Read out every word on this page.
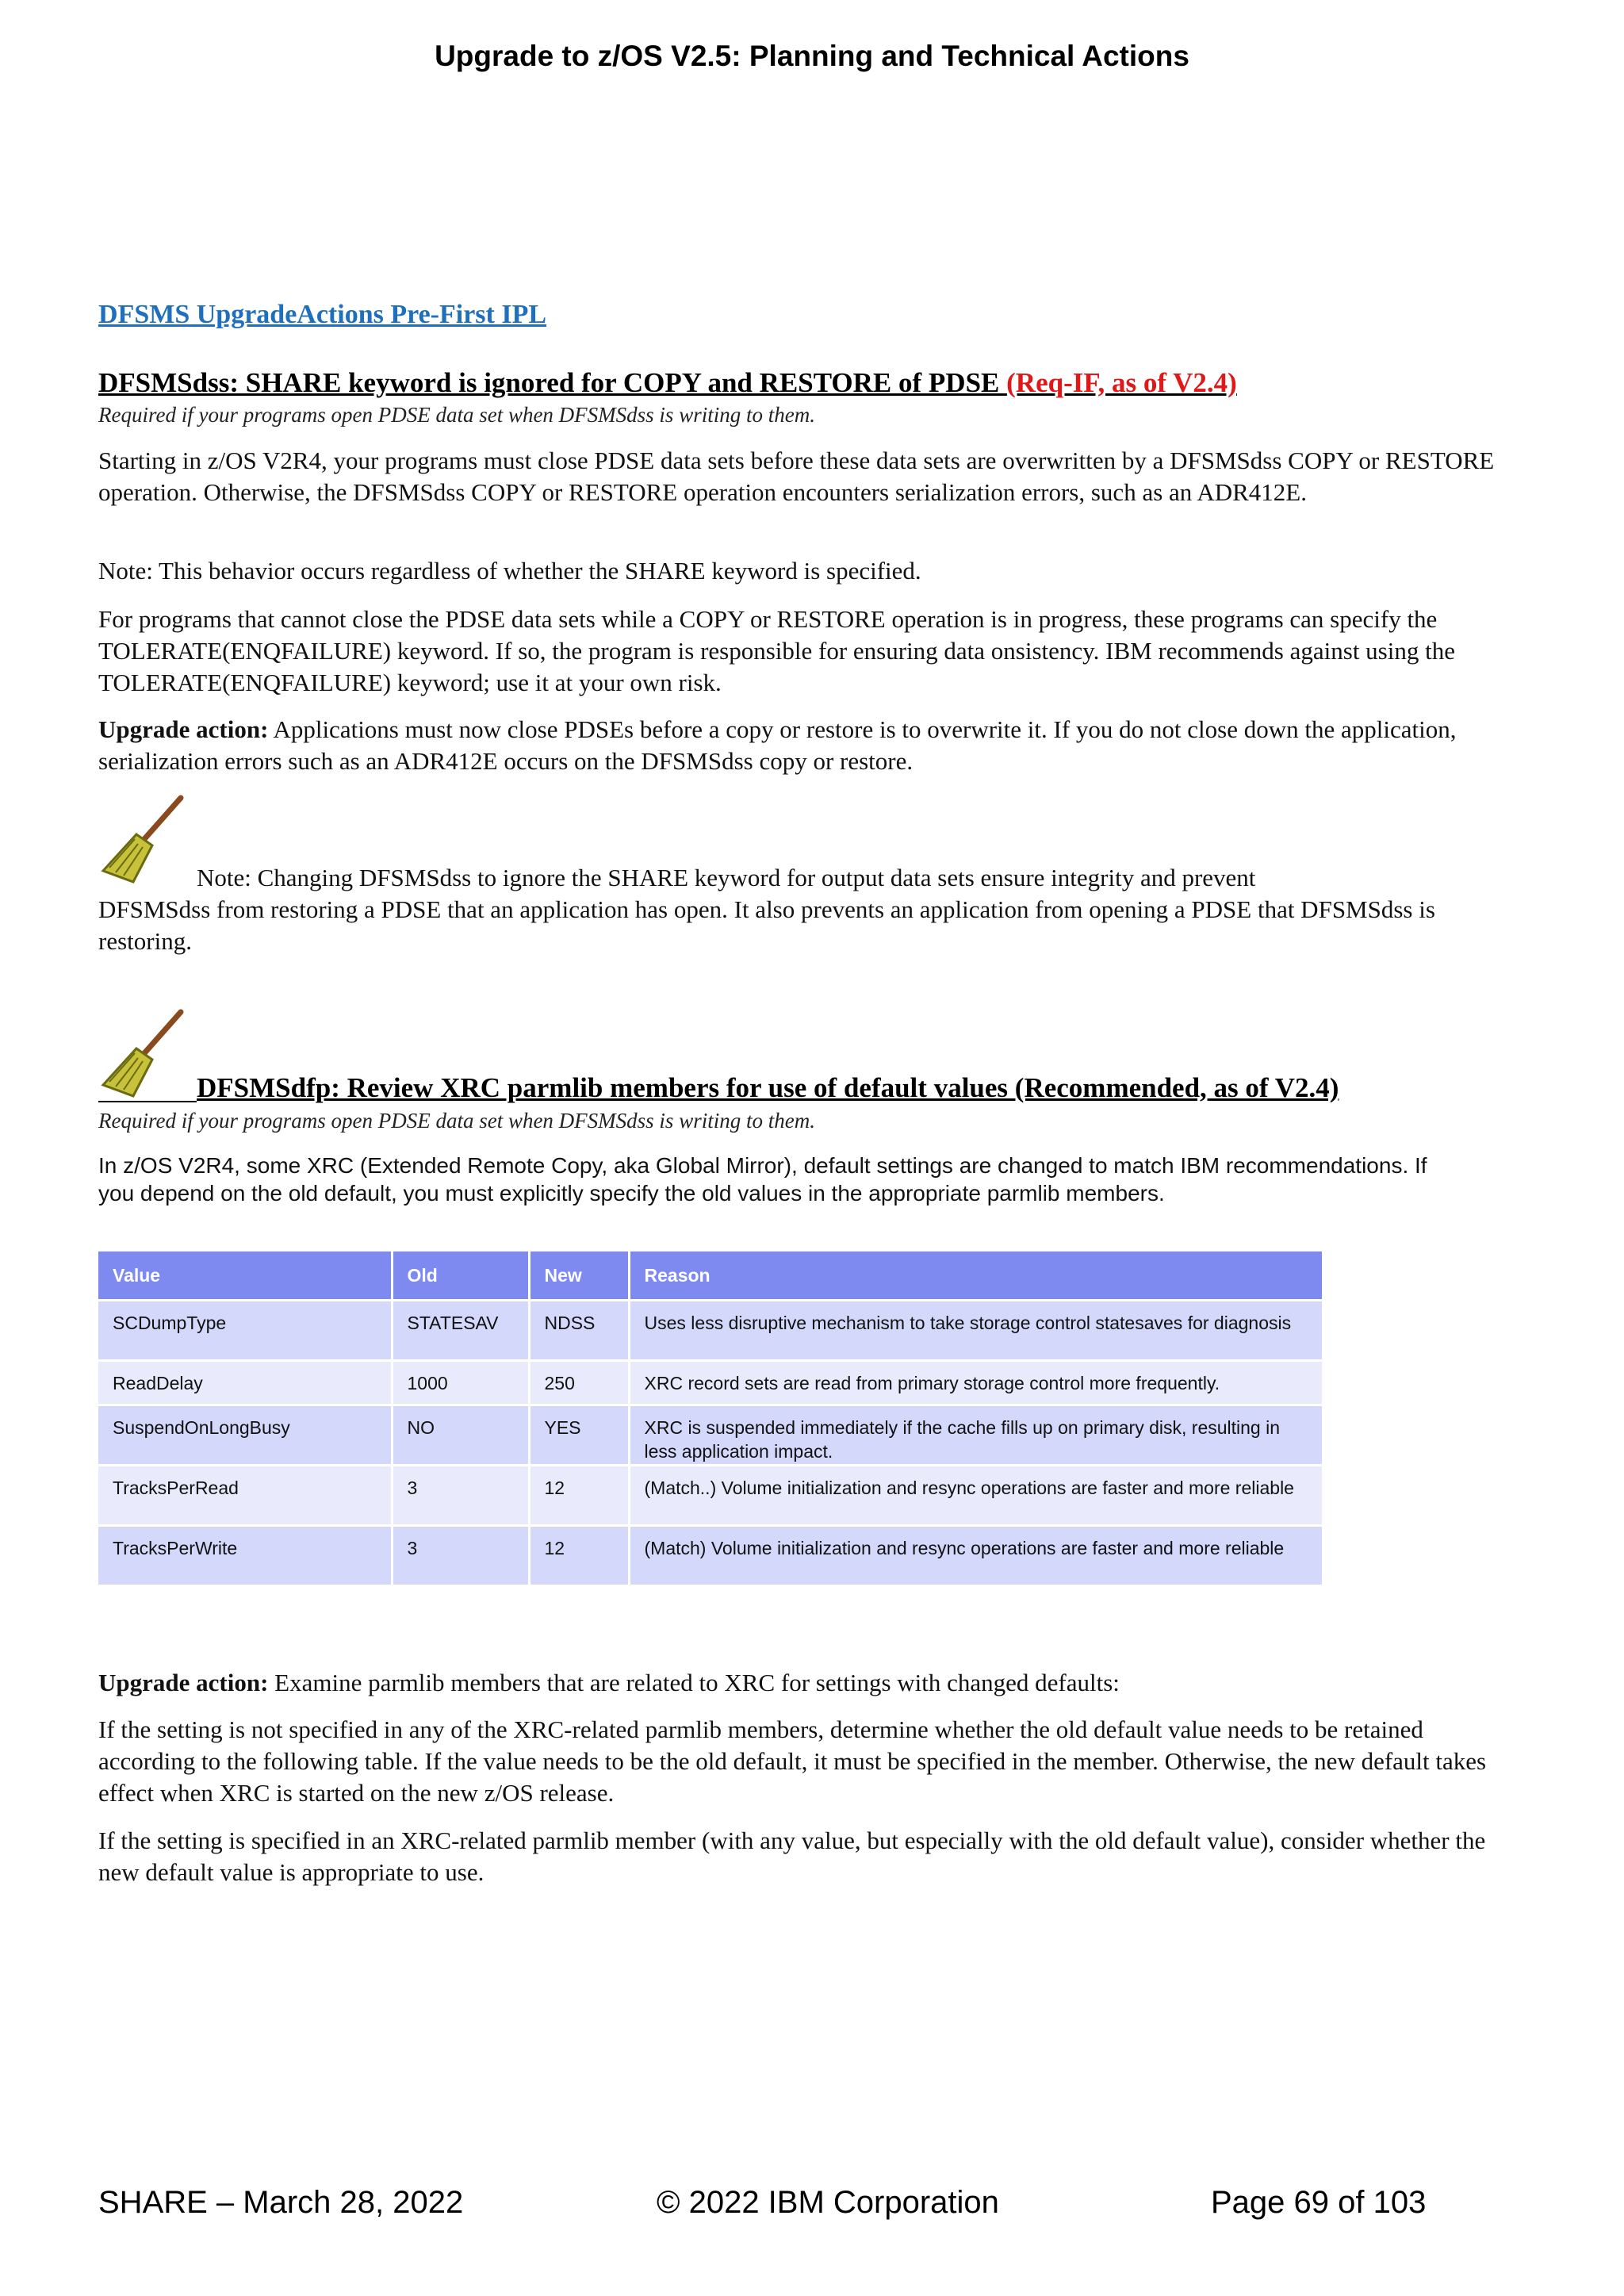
Upgrade to z/OS V2.5: Planning and Technical Actions
DFSMS UpgradeActions Pre-First IPL
DFSMSdss: SHARE keyword is ignored for COPY and RESTORE of PDSE (Req-IF, as of V2.4)
Required if your programs open PDSE data set when DFSMSdss is writing to them.
Starting in z/OS V2R4, your programs must close PDSE data sets before these data sets are overwritten by a DFSMSdss COPY or RESTORE operation. Otherwise, the DFSMSdss COPY or RESTORE operation encounters serialization errors, such as an ADR412E.
Note: This behavior occurs regardless of whether the SHARE keyword is specified.
For programs that cannot close the PDSE data sets while a COPY or RESTORE operation is in progress, these programs can specify the TOLERATE(ENQFAILURE) keyword. If so, the program is responsible for ensuring data onsistency. IBM recommends against using the TOLERATE(ENQFAILURE) keyword; use it at your own risk.
Upgrade action: Applications must now close PDSEs before a copy or restore is to overwrite it. If you do not close down the application, serialization errors such as an ADR412E occurs on the DFSMSdss copy or restore.
Note: Changing DFSMSdss to ignore the SHARE keyword for output data sets ensure integrity and prevent
DFSMSdss from restoring a PDSE that an application has open. It also prevents an application from opening a PDSE that DFSMSdss is restoring.
DFSMSdfp: Review XRC parmlib members for use of default values (Recommended, as of V2.4)
Required if your programs open PDSE data set when DFSMSdss is writing to them.
In z/OS V2R4, some XRC (Extended Remote Copy, aka Global Mirror), default settings are changed to match IBM recommendations. If you depend on the old default, you must explicitly specify the old values in the appropriate parmlib members.
Value	Old	New	Reason
SCDumpType	STATESAV	NDSS	Uses less disruptive mechanism to take storage control statesaves for diagnosis
ReadDelay	1000	250	XRC record sets are read from primary storage control more frequently.
SuspendOnLongBusy	NO	YES	XRC is suspended immediately if the cache fills up on primary disk, resulting in less application impact.
TracksPerRead	3	12	(Match..) Volume initialization and resync operations are faster and more reliable
TracksPerWrite	3	12	(Match) Volume initialization and resync operations are faster and more reliable
Upgrade action: Examine parmlib members that are related to XRC for settings with changed defaults:
If the setting is not specified in any of the XRC-related parmlib members, determine whether the old default value needs to be retained according to the following table. If the value needs to be the old default, it must be specified in the member. Otherwise, the new default takes effect when XRC is started on the new z/OS release.
If the setting is specified in an XRC-related parmlib member (with any value, but especially with the old default value), consider whether the new default value is appropriate to use.
SHARE – March 28, 2022	© 2022 IBM Corporation	Page 69 of 103
